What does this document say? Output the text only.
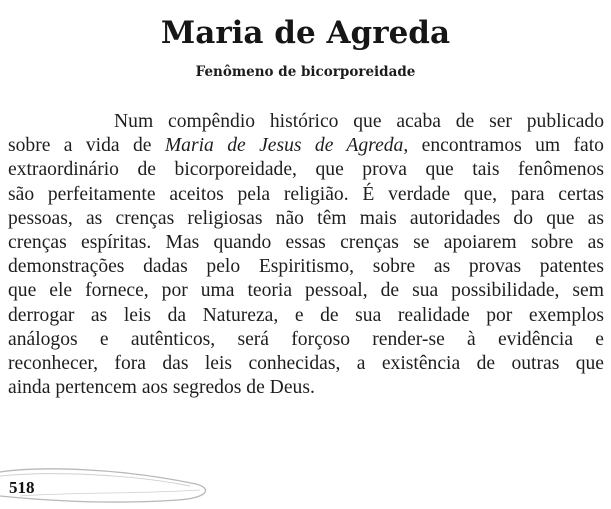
Maria de Agreda
Fenômeno de bicorporeidade
Num compêndio histórico que acaba de ser publicado
sobre a vida de Maria de Jesus de Agreda, encontramos um fato
extraordinário de bicorporeidade, que prova que tais fenômenos
são perfeitamente aceitos pela religião. É verdade que, para certas
pessoas, as crenças religiosas não têm mais autoridades do que as
crenças espíritas. Mas quando essas crenças se apoiarem sobre as
demonstrações dadas pelo Espiritismo, sobre as provas patentes
que ele fornece, por uma teoria pessoal, de sua possibilidade, sem
derrogar as leis da Natureza, e de sua realidade por exemplos
análogos e autênticos, será forçoso render-se à evidência e
reconhecer, fora das leis conhecidas, a existência de outras que
ainda pertencem aos segredos de Deus.
518
